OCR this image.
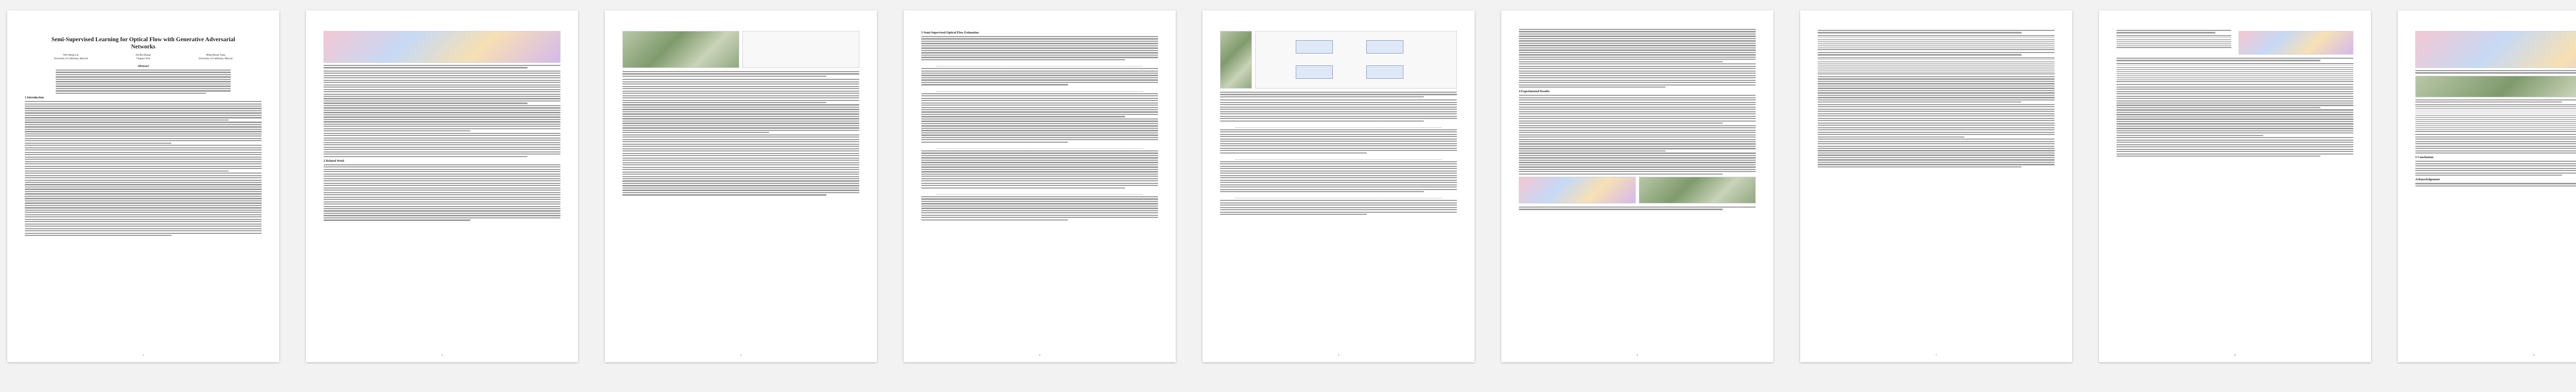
Semi-Supervised Learning for Optical Flow with Generative Adversarial Networks
Wei-Sheng Lai
University of California, Merced
Jia-Bin Huang
Virginia Tech
Ming-Hsuan Yang
University of California, Merced
Abstract
1 Introduction
1
2 Related Work
2	3
3 Semi-Supervised Optical Flow Estimation
4	5
4 Experimental Results
6	7	8
5 Conclusions
Acknowledgement
9
